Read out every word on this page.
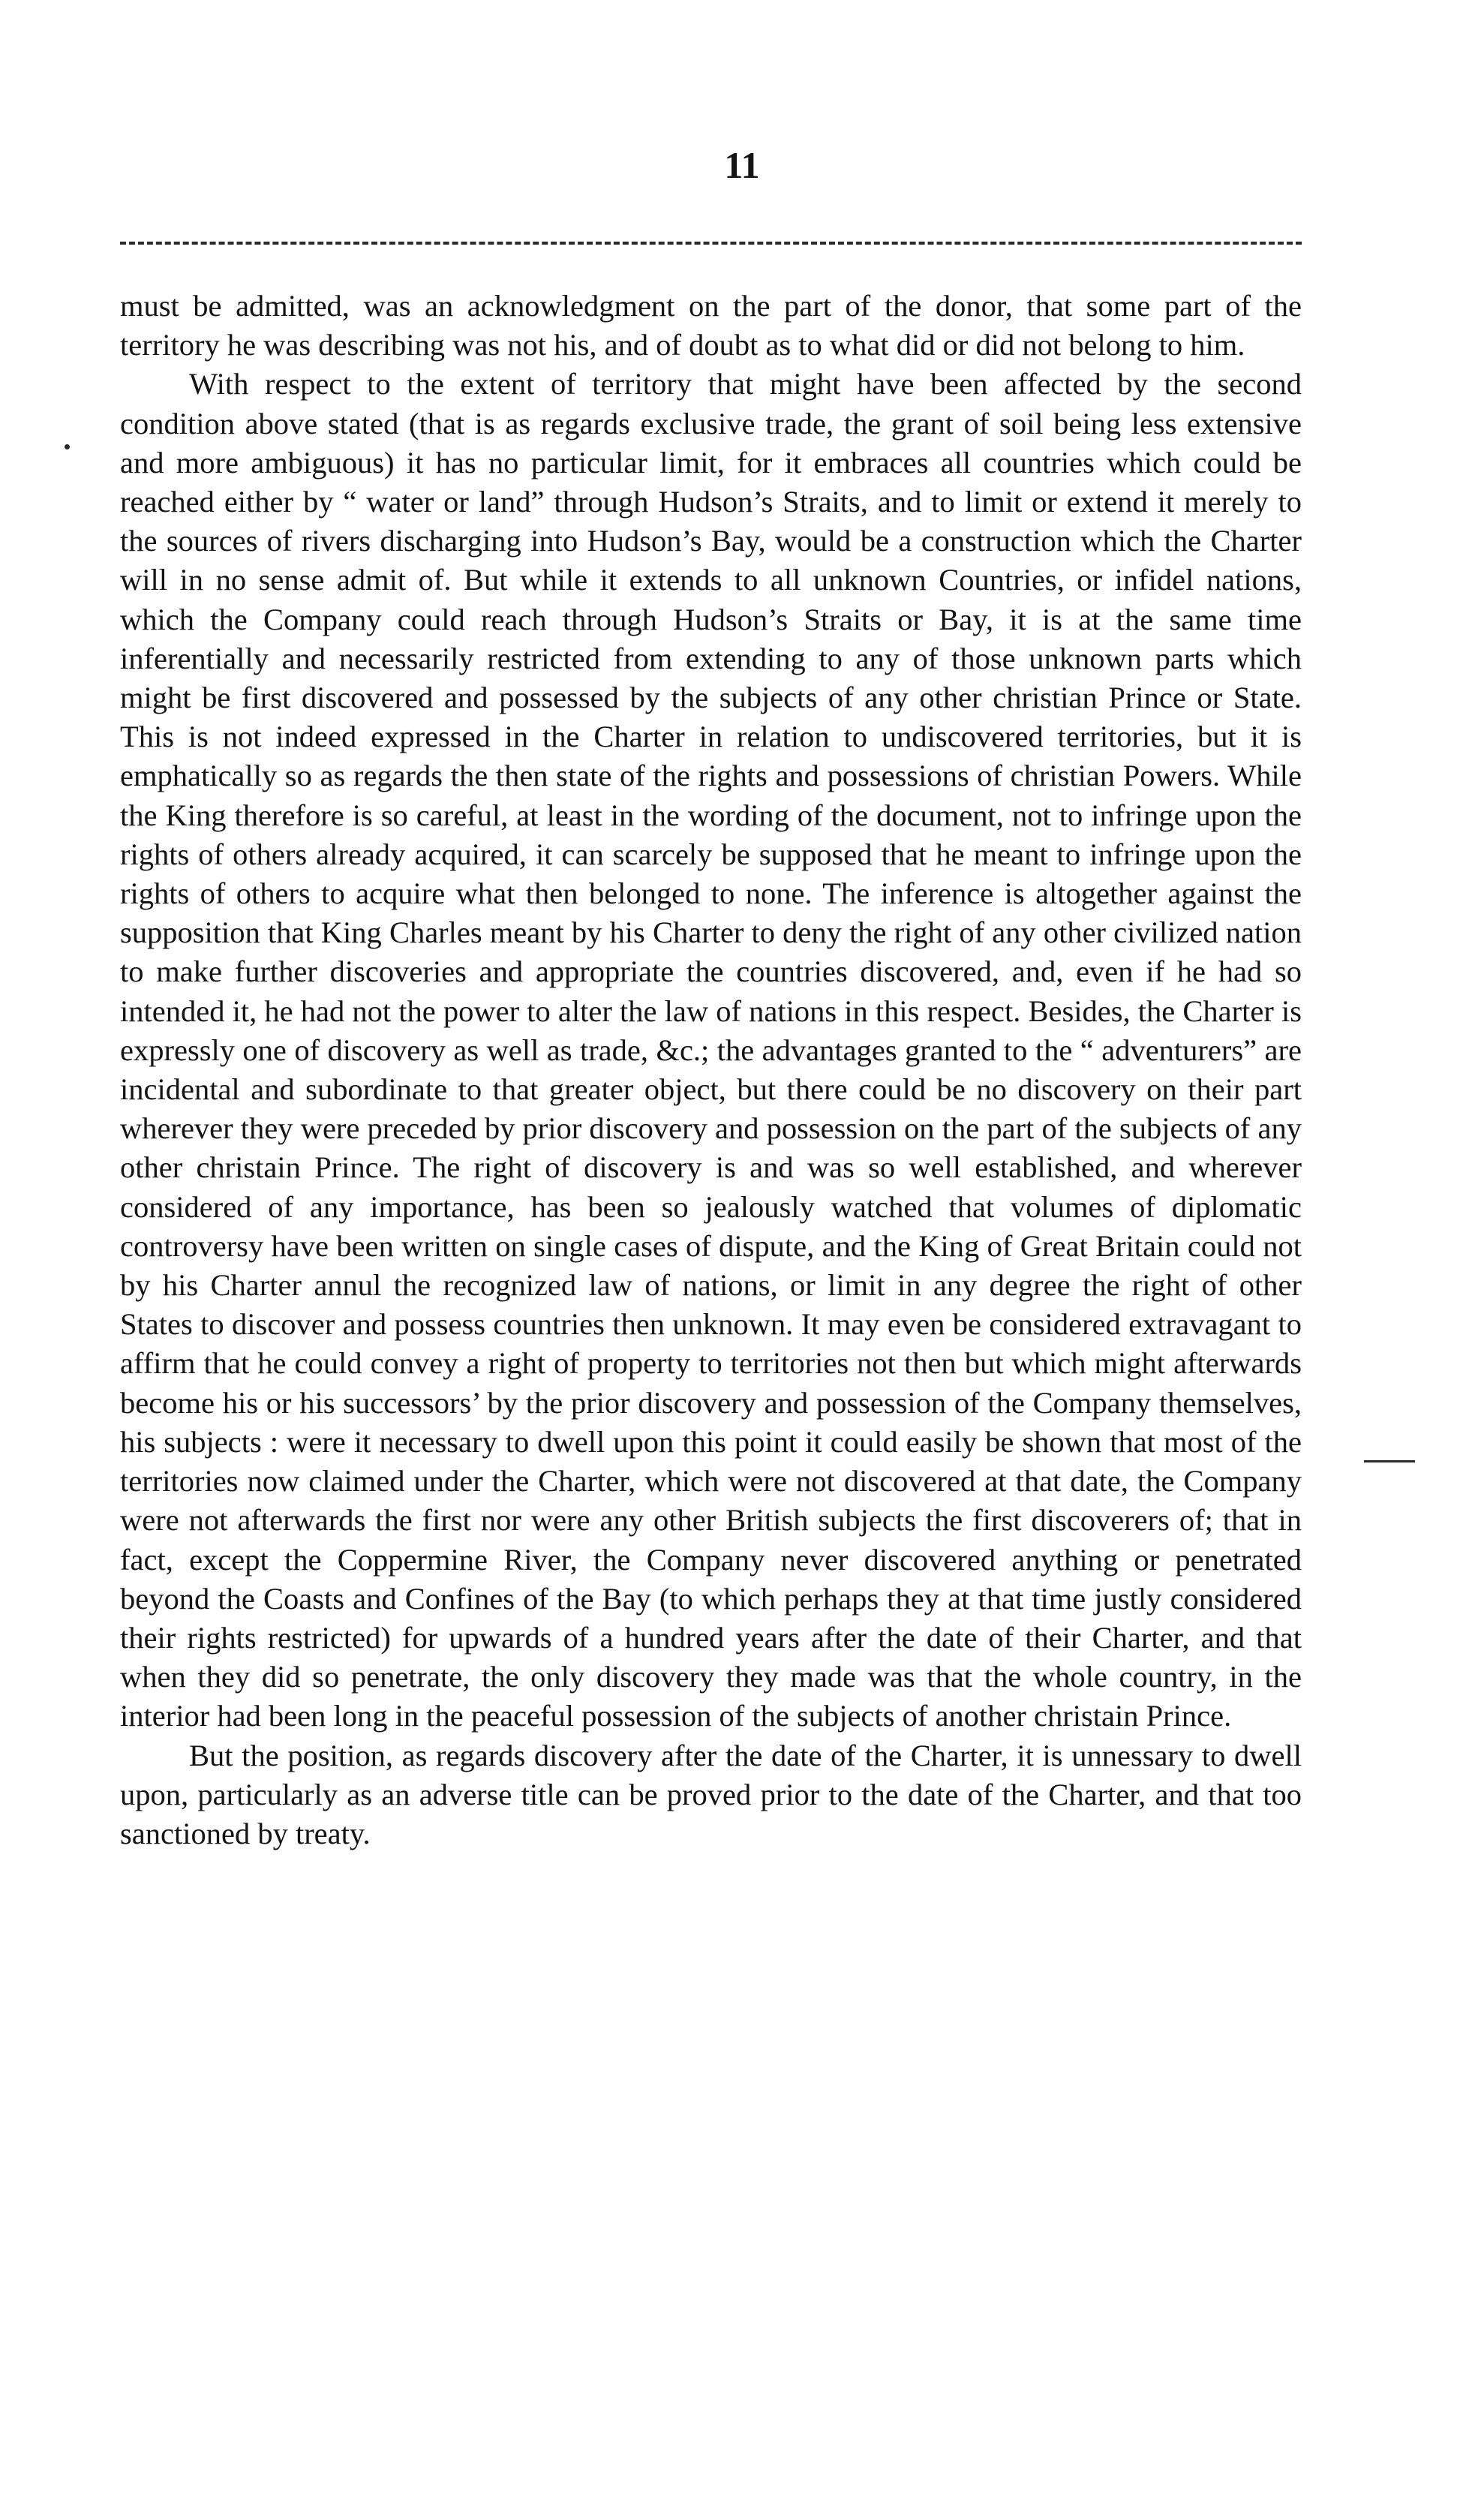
11

must be admitted, was an acknowledgment on the part of the donor, that some part of the territory he was describing was not his, and of doubt as to what did or did not belong to him.

With respect to the extent of territory that might have been affected by the second condition above stated (that is as regards exclusive trade, the grant of soil being less extensive and more ambiguous) it has no particular limit, for it embraces all countries which could be reached either by “ water or land” through Hudson’s Straits, and to limit or extend it merely to the sources of rivers discharging into Hudson’s Bay, would be a construction which the Charter will in no sense admit of. But while it extends to all unknown Countries, or infidel nations, which the Company could reach through Hudson’s Straits or Bay, it is at the same time inferentially and necessarily restricted from extending to any of those unknown parts which might be first discovered and possessed by the subjects of any other christian Prince or State. This is not indeed expressed in the Charter in relation to undiscovered territories, but it is emphatically so as regards the then state of the rights and possessions of christian Powers. While the King therefore is so careful, at least in the wording of the document, not to infringe upon the rights of others already acquired, it can scarcely be supposed that he meant to infringe upon the rights of others to acquire what then belonged to none. The inference is altogether against the supposition that King Charles meant by his Charter to deny the right of any other civilized nation to make further discoveries and appropriate the countries discovered, and, even if he had so intended it, he had not the power to alter the law of nations in this respect. Besides, the Charter is expressly one of discovery as well as trade, &c.; the advantages granted to the “ adventurers” are incidental and subordinate to that greater object, but there could be no discovery on their part wherever they were preceded by prior discovery and possession on the part of the subjects of any other christain Prince. The right of discovery is and was so well established, and wherever considered of any importance, has been so jealously watched that volumes of diplomatic controversy have been written on single cases of dispute, and the King of Great Britain could not by his Charter annul the recognized law of nations, or limit in any degree the right of other States to discover and possess countries then unknown. It may even be considered extravagant to affirm that he could convey a right of property to territories not then but which might afterwards become his or his successors’ by the prior discovery and possession of the Company themselves, his subjects : were it necessary to dwell upon this point it could easily be shown that most of the territories now claimed under the Charter, which were not discovered at that date, the Company were not afterwards the first nor were any other British subjects the first discoverers of; that in fact, except the Coppermine River, the Company never discovered anything or penetrated beyond the Coasts and Confines of the Bay (to which perhaps they at that time justly considered their rights restricted) for upwards of a hundred years after the date of their Charter, and that when they did so penetrate, the only discovery they made was that the whole country, in the interior had been long in the peaceful possession of the subjects of another christain Prince.

But the position, as regards discovery after the date of the Charter, it is unnessary to dwell upon, particularly as an adverse title can be proved prior to the date of the Charter, and that too sanctioned by treaty.
